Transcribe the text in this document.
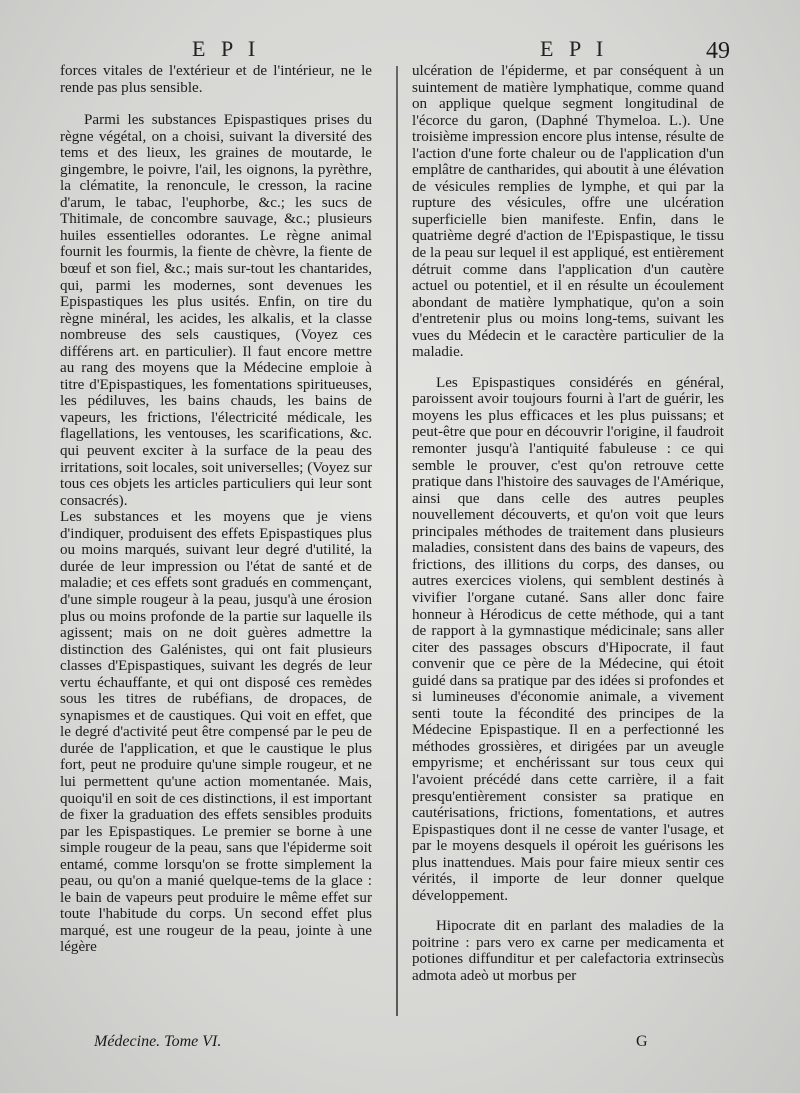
E P I	E P I	49

forces vitales de l'extérieur et de l'intérieur, ne le rende pas plus sensible.

Parmi les substances Epispastiques prises du règne végétal, on a choisi, suivant la diversité des tems et des lieux, les graines de moutarde, le gingembre, le poivre, l'ail, les oignons, la pyrèthre, la clématite, la renoncule, le cresson, la racine d'arum, le tabac, l'euphorbe, &c.; les sucs de Thitimale, de concombre sauvage, &c.; plusieurs huiles essentielles odorantes. Le règne animal fournit les fourmis, la fiente de chèvre, la fiente de bœuf et son fiel, &c.; mais sur-tout les chantarides, qui, parmi les modernes, sont devenues les Epispastiques les plus usités. Enfin, on tire du règne minéral, les acides, les alkalis, et la classe nombreuse des sels caustiques, (Voyez ces différens art. en particulier). Il faut encore mettre au rang des moyens que la Médecine emploie à titre d'Epispastiques, les fomentations spiritueuses, les pédiluves, les bains chauds, les bains de vapeurs, les frictions, l'électricité médicale, les flagellations, les ventouses, les scarifications, &c. qui peuvent exciter à la surface de la peau des irritations, soit locales, soit universelles; (Voyez sur tous ces objets les articles particuliers qui leur sont consacrés).

Les substances et les moyens que je viens d'indiquer, produisent des effets Epispastiques plus ou moins marqués, suivant leur degré d'utilité, la durée de leur impression ou l'état de santé et de maladie; et ces effets sont gradués en commençant, d'une simple rougeur à la peau, jusqu'à une érosion plus ou moins profonde de la partie sur laquelle ils agissent; mais on ne doit guères admettre la distinction des Galénistes, qui ont fait plusieurs classes d'Epispastiques, suivant les degrés de leur vertu échauffante, et qui ont disposé ces remèdes sous les titres de rubéfians, de dropaces, de synapismes et de caustiques. Qui voit en effet, que le degré d'activité peut être compensé par le peu de durée de l'application, et que le caustique le plus fort, peut ne produire qu'une simple rougeur, et ne lui permettent qu'une action momentanée. Mais, quoiqu'il en soit de ces distinctions, il est important de fixer la graduation des effets sensibles produits par les Epispastiques. Le premier se borne à une simple rougeur de la peau, sans que l'épiderme soit entamé, comme lorsqu'on se frotte simplement la peau, ou qu'on a manié quelque-tems de la glace : le bain de vapeurs peut produire le même effet sur toute l'habitude du corps. Un second effet plus marqué, est une rougeur de la peau, jointe à une légère

ulcération de l'épiderme, et par conséquent à un suintement de matière lymphatique, comme quand on applique quelque segment longitudinal de l'écorce du garon, (Daphné Thymeloa. L.). Une troisième impression encore plus intense, résulte de l'action d'une forte chaleur ou de l'application d'un emplâtre de cantharides, qui aboutit à une élévation de vésicules remplies de lymphe, et qui par la rupture des vésicules, offre une ulcération superficielle bien manifeste. Enfin, dans le quatrième degré d'action de l'Epispastique, le tissu de la peau sur lequel il est appliqué, est entièrement détruit comme dans l'application d'un cautère actuel ou potentiel, et il en résulte un écoulement abondant de matière lymphatique, qu'on a soin d'entretenir plus ou moins long-tems, suivant les vues du Médecin et le caractère particulier de la maladie.

Les Epispastiques considérés en général, paroissent avoir toujours fourni à l'art de guérir, les moyens les plus efficaces et les plus puissans; et peut-être que pour en découvrir l'origine, il faudroit remonter jusqu'à l'antiquité fabuleuse : ce qui semble le prouver, c'est qu'on retrouve cette pratique dans l'histoire des sauvages de l'Amérique, ainsi que dans celle des autres peuples nouvellement découverts, et qu'on voit que leurs principales méthodes de traitement dans plusieurs maladies, consistent dans des bains de vapeurs, des frictions, des illitions du corps, des danses, ou autres exercices violens, qui semblent destinés à vivifier l'organe cutané. Sans aller donc faire honneur à Hérodicus de cette méthode, qui a tant de rapport à la gymnastique médicinale; sans aller citer des passages obscurs d'Hipocrate, il faut convenir que ce père de la Médecine, qui étoit guidé dans sa pratique par des idées si profondes et si lumineuses d'économie animale, a vivement senti toute la fécondité des principes de la Médecine Epispastique. Il en a perfectionné les méthodes grossières, et dirigées par un aveugle empyrisme; et enchérissant sur tous ceux qui l'avoient précédé dans cette carrière, il a fait presqu'entièrement consister sa pratique en cautérisations, frictions, fomentations, et autres Epispastiques dont il ne cesse de vanter l'usage, et par le moyens desquels il opéroit les guérisons les plus inattendues. Mais pour faire mieux sentir ces vérités, il importe de leur donner quelque développement.

Hipocrate dit en parlant des maladies de la poitrine : pars vero ex carne per medicamenta et potiones diffunditur et per calefactoria extrinsecùs admota adeò ut morbus per

Médecine. Tome VI.	G
